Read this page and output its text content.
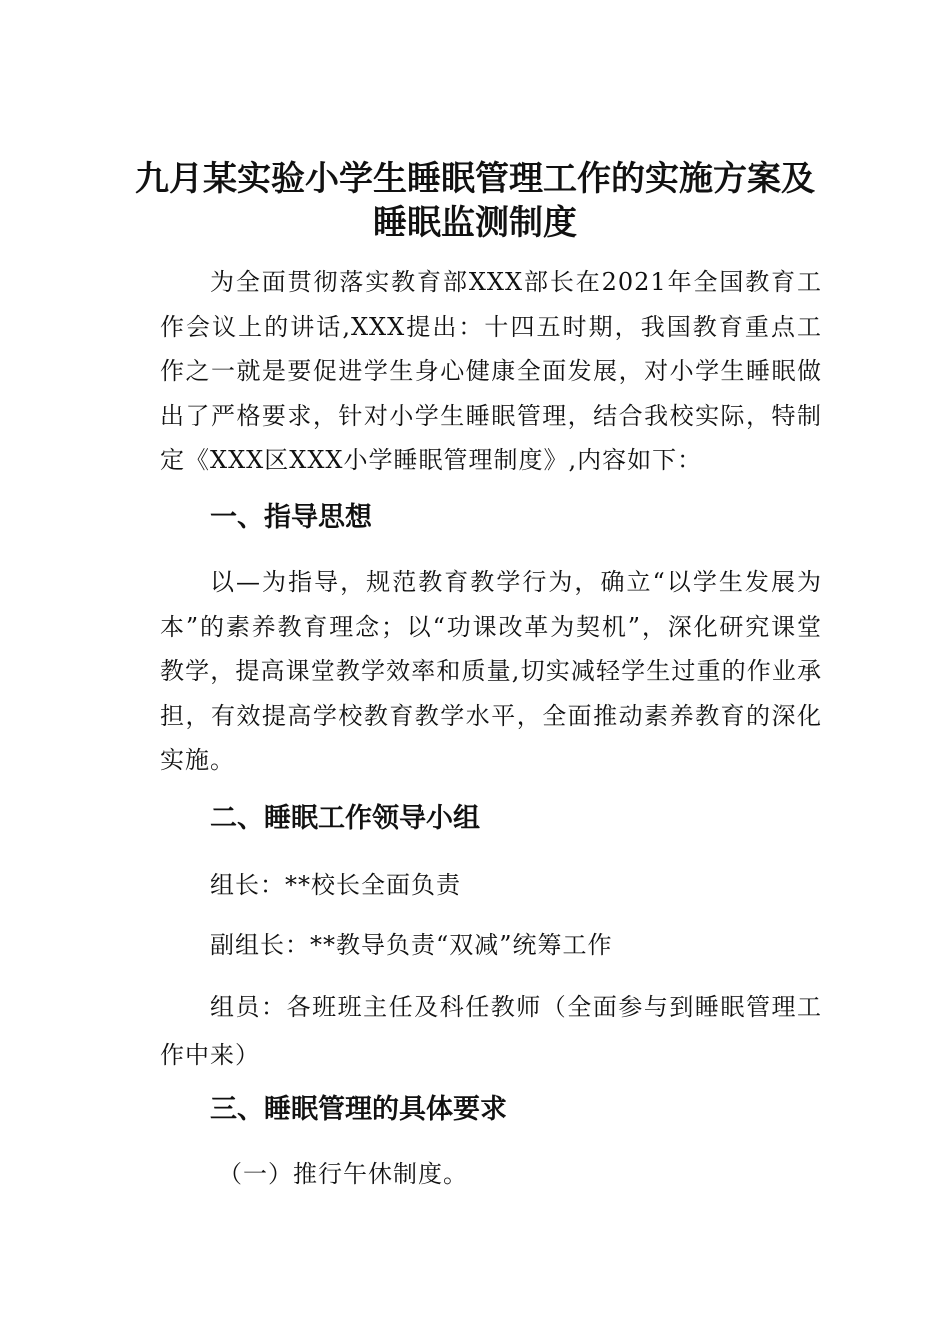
九月某实验小学生睡眠管理工作的实施方案及
睡眠监测制度

为全面贯彻落实教育部XXX部长在2021年全国教育工作会议上的讲话,XXX提出：十四五时期，我国教育重点工作之一就是要促进学生身心健康全面发展，对小学生睡眠做出了严格要求，针对小学生睡眠管理，结合我校实际，特制定《XXX区XXX小学睡眠管理制度》,内容如下：

一、指导思想

以—为指导，规范教育教学行为，确立“以学生发展为本”的素养教育理念；以“功课改革为契机”，深化研究课堂教学，提高课堂教学效率和质量,切实减轻学生过重的作业承担，有效提高学校教育教学水平，全面推动素养教育的深化实施。

二、睡眠工作领导小组

组长：**校长全面负责

副组长：**教导负责“双减”统筹工作

组员：各班班主任及科任教师（全面参与到睡眠管理工作中来）

三、睡眠管理的具体要求

（一）推行午休制度。
